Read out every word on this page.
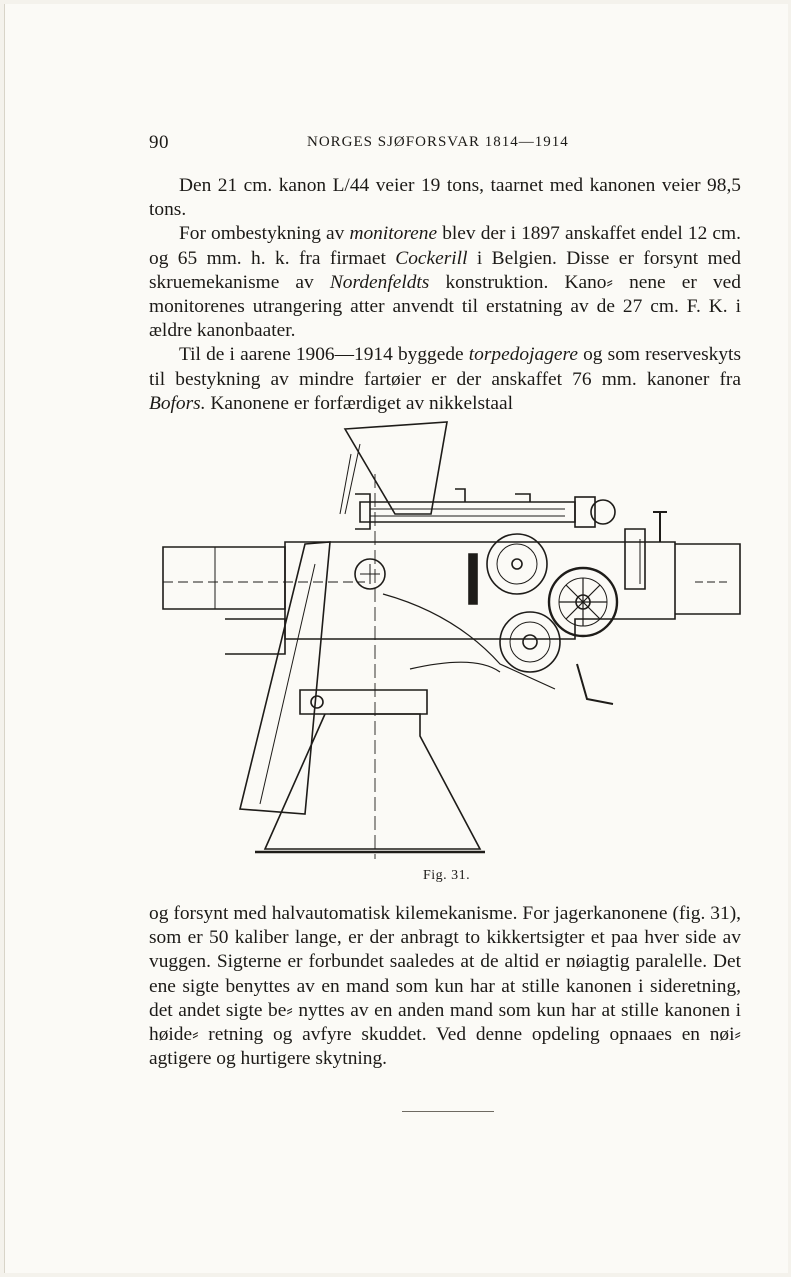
90	NORGES SJØFORSVAR 1814—1914

Den 21 cm. kanon L/44 veier 19 tons, taarnet med kanonen veier 98,5 tons.

For ombestykning av monitorene blev der i 1897 anskaffet endel 12 cm. og 65 mm. h. k. fra firmaet Cockerill i Belgien. Disse er forsynt med skruemekanisme av Nordenfeldts konstruktion. Kano⸗ nene er ved monitorenes utrangering atter anvendt til erstatning av de 27 cm. F. K. i ældre kanonbaater.

Til de i aarene 1906—1914 byggede torpedojagere og som reserveskyts til bestykning av mindre fartøier er der anskaffet 76 mm. kanoner fra Bofors. Kanonene er forfærdiget av nikkelstaal

Fig. 31.

og forsynt med halvautomatisk kilemekanisme. For jagerkanonene (fig. 31), som er 50 kaliber lange, er der anbragt to kikkertsigter et paa hver side av vuggen. Sigterne er forbundet saaledes at de altid er nøiagtig paralelle. Det ene sigte benyttes av en mand som kun har at stille kanonen i sideretning, det andet sigte be⸗ nyttes av en anden mand som kun har at stille kanonen i høide⸗ retning og avfyre skuddet. Ved denne opdeling opnaaes en nøi⸗ agtigere og hurtigere skytning.
